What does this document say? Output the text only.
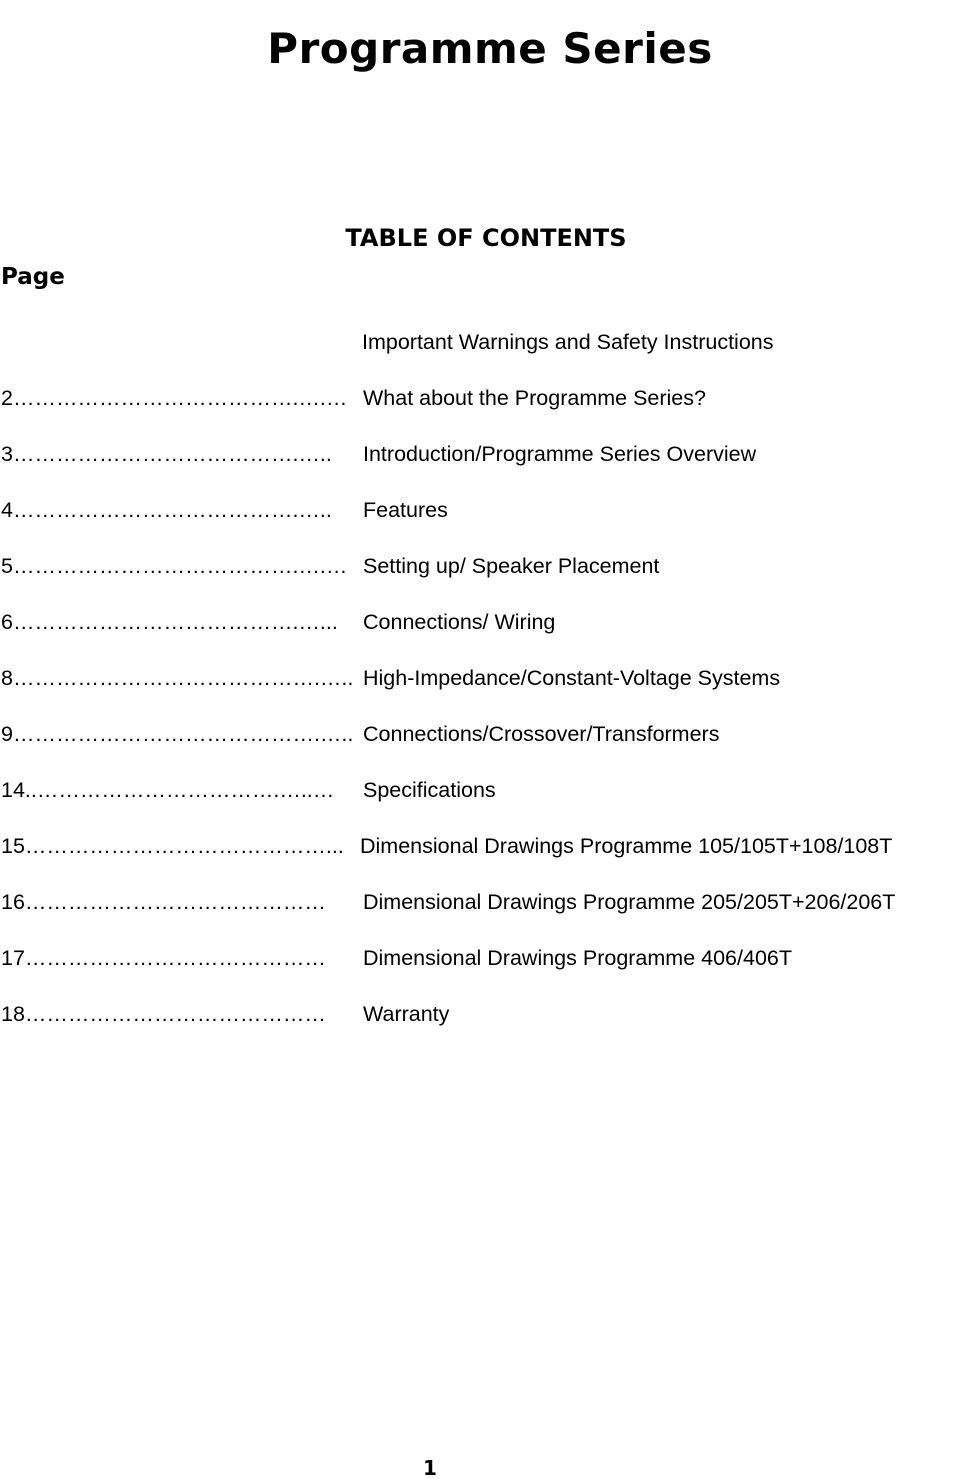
Programme Series
TABLE OF CONTENTS
Page
Important Warnings and Safety Instructions
2………………………………….….… What about the Programme Series?
3………………………………….….. Introduction/Programme Series Overview
4………………………………….….. Features
5………………………………….….… Setting up/ Speaker Placement
6………………………………….…... Connections/ Wiring
8…………………………………….….. High-Impedance/Constant-Voltage Systems
9…………………………………….….. Connections/Crossover/Transformers
14..…………………………….…..… Specifications
15……………………………………... Dimensional Drawings Programme 105/105T+108/108T
16…………………………………… Dimensional Drawings Programme 205/205T+206/206T
17…………………………………… Dimensional Drawings Programme 406/406T
18…………………………………… Warranty
1
